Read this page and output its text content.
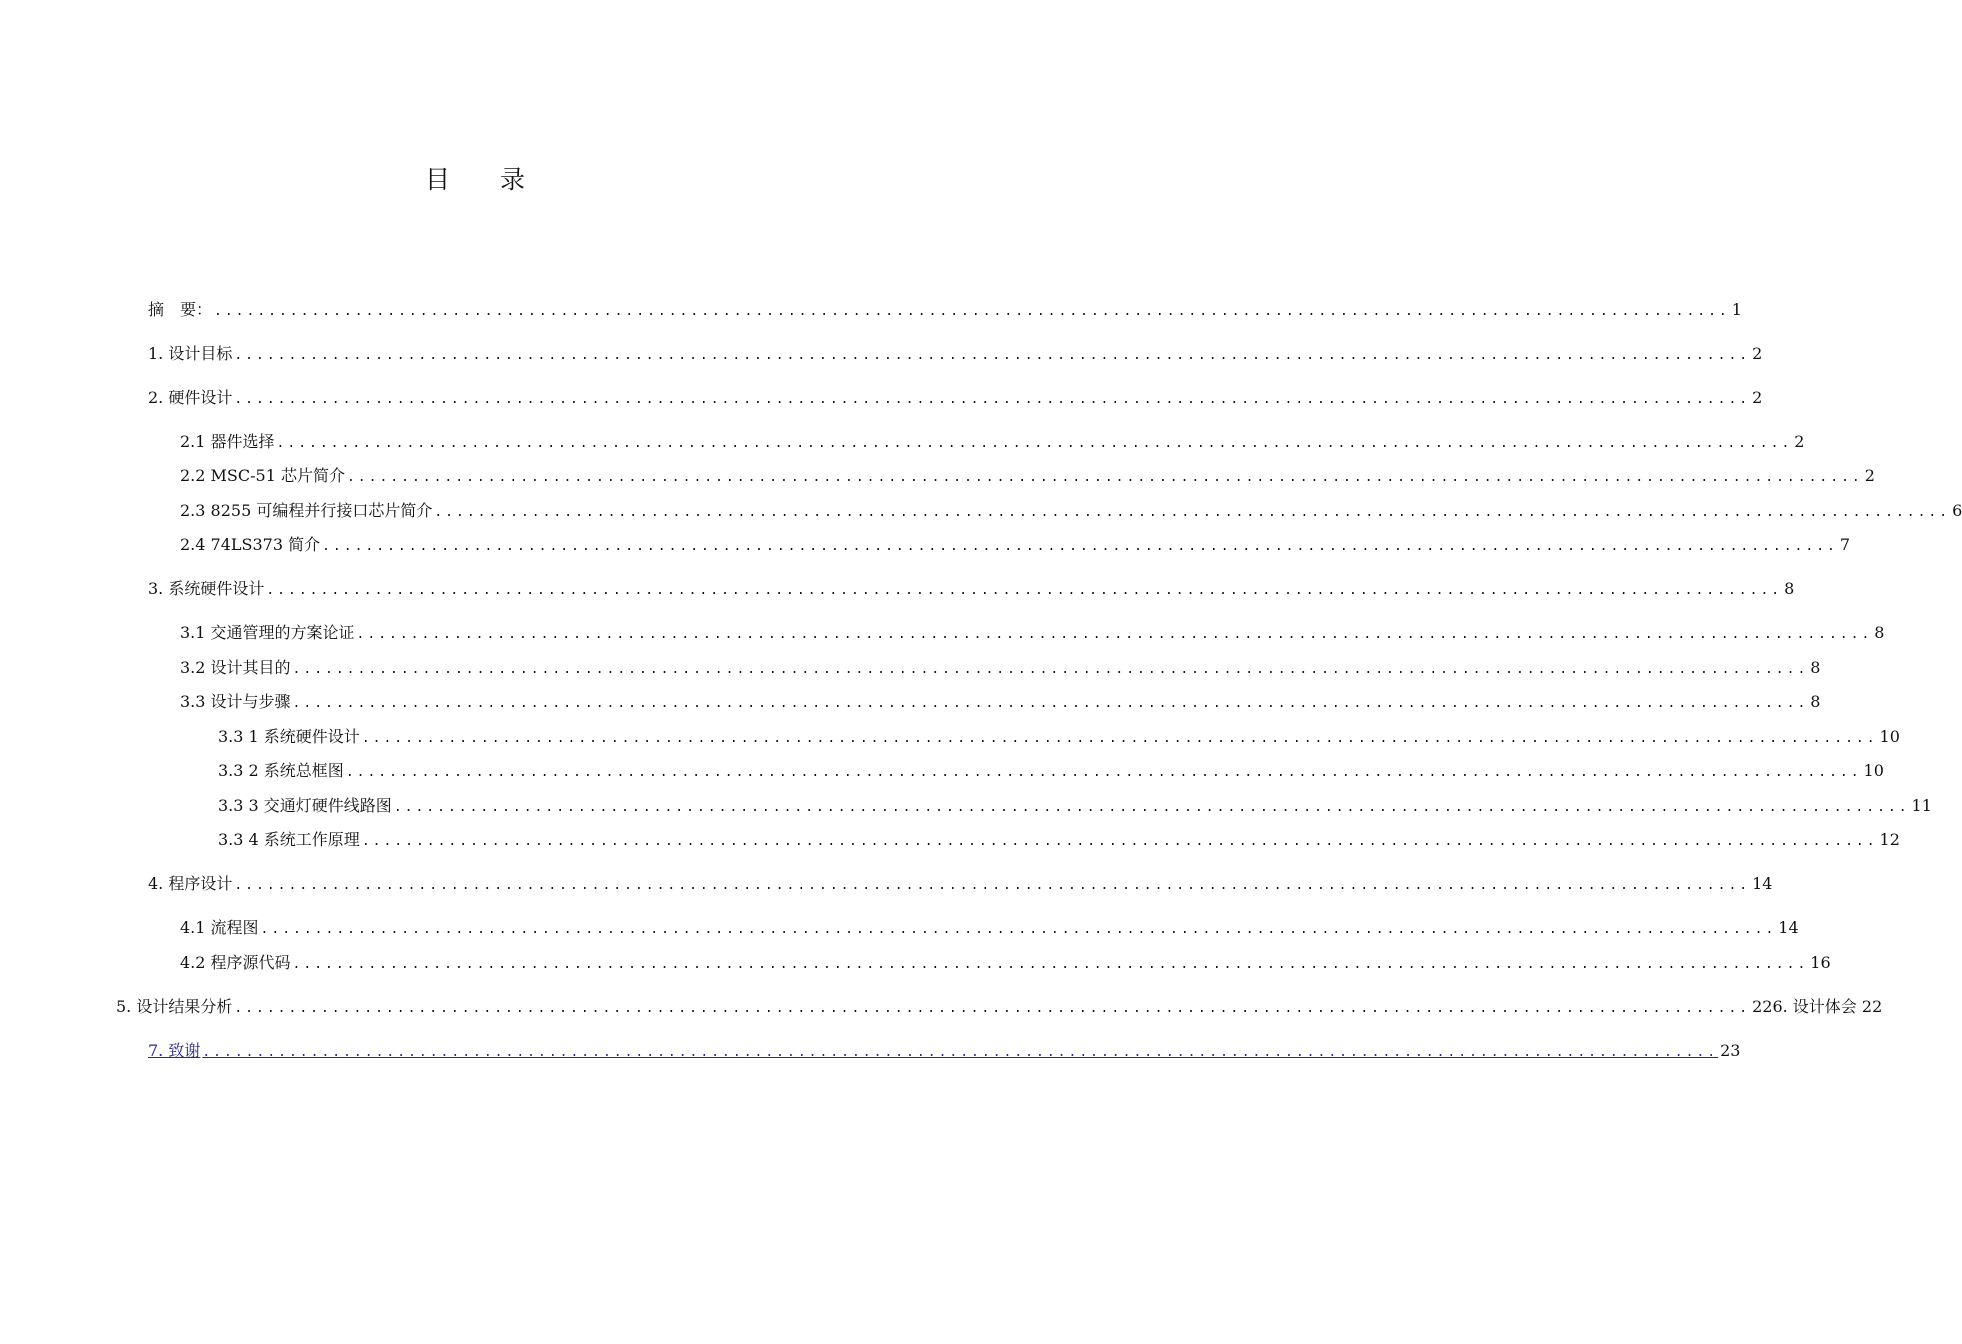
目录
摘　要： ............................................................................................................................................ 1
1. 设计目标 ............................................................................................................................................ 2
2. 硬件设计 ............................................................................................................................................ 2
2.1 器件选择 ............................................................................................................................................ 2
2.2 MSC-51 芯片简介 ............................................................................................................................................ 2
2.3 8255 可编程并行接口芯片简介 ............................................................................................................................................ 6
2.4 74LS373 简介 ............................................................................................................................................ 7
3. 系统硬件设计 ............................................................................................................................................ 8
3.1 交通管理的方案论证 ............................................................................................................................................ 8
3.2 设计其目的 ............................................................................................................................................ 8
3.3 设计与步骤 ............................................................................................................................................ 8
3.3 1 系统硬件设计 ............................................................................................................................................ 10
3.3 2 系统总框图 ............................................................................................................................................ 10
3.3 3 交通灯硬件线路图 ............................................................................................................................................ 11
3.3 4 系统工作原理 ............................................................................................................................................ 12
4. 程序设计 ............................................................................................................................................ 14
4.1 流程图 ............................................................................................................................................ 14
4.2 程序源代码 ............................................................................................................................................ 16
5. 设计结果分析 ............................................................................................................................................ 226. 设计体会 22
7. 致谢 ............................................................................................................................................ 23
